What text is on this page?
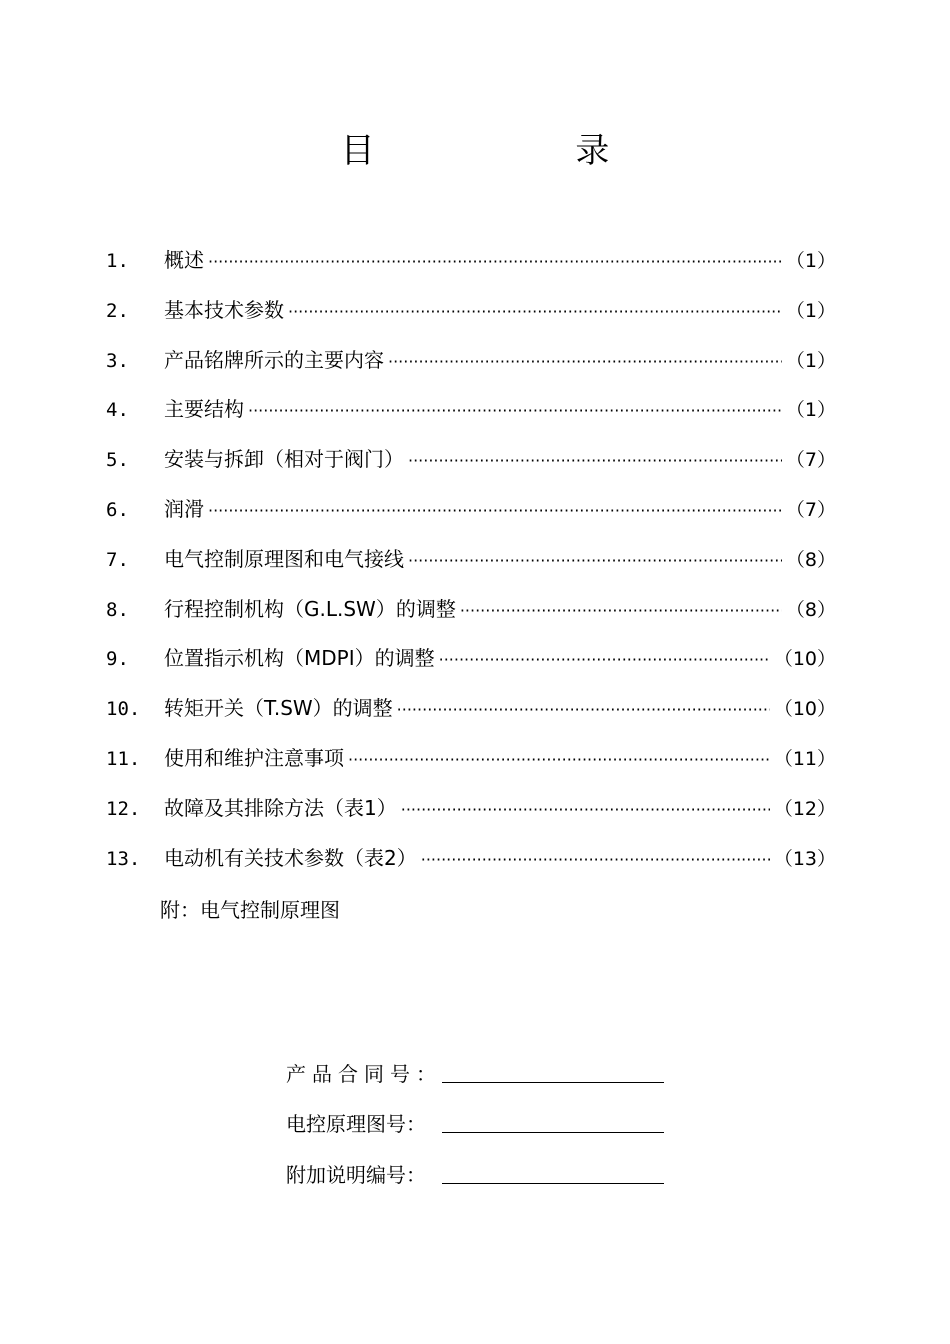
目 录
1.	概述 ·····	（1）
2.	基本技术参数 ·····	（1）
3.	产品铭牌所示的主要内容 ·····	（1）
4.	主要结构 ·····	（1）
5.	安装与拆卸（相对于阀门） ·····	（7）
6.	润滑 ·····	（7）
7.	电气控制原理图和电气接线 ·····	（8）
8.	行程控制机构（G.L.SW）的调整 ·····	（8）
9.	位置指示机构（MDPI）的调整 ·····	（10）
10.	转矩开关（T.SW）的调整 ·····	（10）
11.	使用和维护注意事项 ·····	（11）
12.	故障及其排除方法（表1） ·····	（12）
13.	电动机有关技术参数（表2） ·····	（13）
附：电气控制原理图
产品合同号：
电控原理图号：
附加说明编号：
